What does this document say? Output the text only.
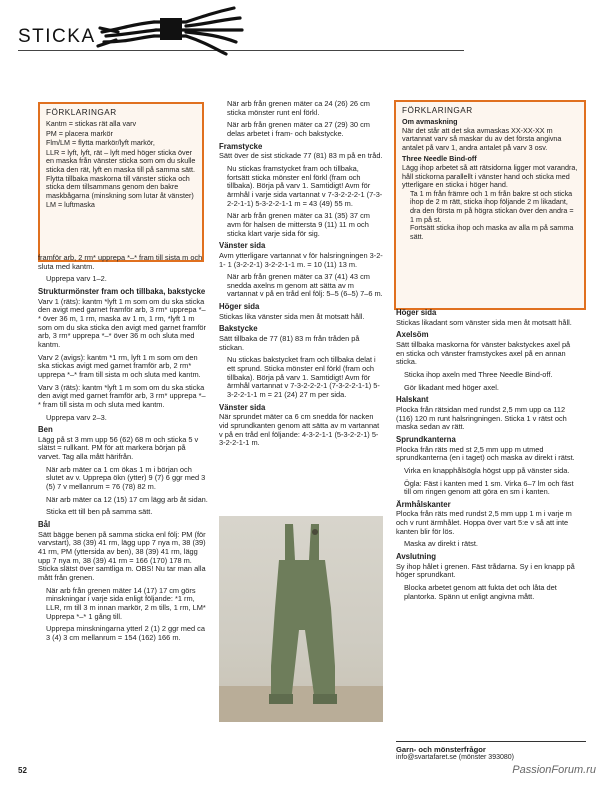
STICKA
FÖRKLARINGAR
Kantm = stickas rät alla varv
PM = placera markör
Flm/LM = flytta markör/lyft markör,
LLR = lyft, lyft, rät – lyft med höger sticka över en maska från vänster sticka som om du skulle sticka den rät, lyft en maska till på samma sätt. Flytta tillbaka maskorna till vänster sticka och sticka dem tillsammans genom den bakre maskbågarna (minskning som lutar åt vänster)
LM = luftmaska

framför arb, 2 rm* upprepa *–* fram till sista m och sluta med kantm.

Upprepa varv 1–2.

Strukturmönster fram och tillbaka, bakstycke

Varv 1 (räts): kantm *lyft 1 m som om du ska sticka den avigt med garnet framför arb, 3 rm* upprepa *–* över 36 m, 1 rm, maska av 1 m, 1 rm, *lyft 1 m som om du ska sticka den avigt med garnet framför arb, 3 rm* upprepa *–* över 36 m och sluta med kantm.

Varv 2 (avigs): kantm *1 rm, lyft 1 m som om den ska stickas avigt med garnet framför arb, 2 rm* upprepa *–* fram till sista m och sluta med kantm.

Varv 3 (räts): kantm *lyft 1 m som om du ska sticka den avigt med garnet framför arb, 3 rm* upprepa *–* fram till sista m och sluta med kantm.

Upprepa varv 2–3.

Ben

Lägg på st 3 mm upp 56 (62) 68 m och sticka 5 v slätst = rullkant. PM för att markera början på varvet. Tag alla mått härifrån.

När arb mäter ca 1 cm ökas 1 m i början och slutet av v. Upprepa ökn (ytter) 9 (7) 6 ggr med 3 (5) 7 v mellanrum = 76 (78) 82 m.

När arb mäter ca 12 (15) 17 cm lägg arb åt sidan.

Sticka ett till ben på samma sätt.

Bål

Sätt bägge benen på samma sticka enl följ: PM (för varvstart), 38 (39) 41 rm, lägg upp 7 nya m, 38 (39) 41 rm, PM (yttersida av ben), 38 (39) 41 rm, lägg upp 7 nya m, 38 (39) 41 rm = 166 (170) 178 m. Sticka slätst över samtliga m. OBS! Nu tar man alla mått från grenen.

När arb från grenen mäter 14 (17) 17 cm görs minskningar i varje sida enligt följande: *1 rm, LLR, rm till 3 m innan markör, 2 m tills, 1 rm, LM* Upprepa *–* 1 gång till.

Upprepa minskningarna ytterl 2 (1) 2 ggr med ca 3 (4) 3 cm mellanrum = 154 (162) 166 m.

När arb från grenen mäter ca 24 (26) 26 cm sticka mönster runt enl förkl.

När arb från grenen mäter ca 27 (29) 30 cm delas arbetet i fram- och bakstycke.

Framstycke

Sätt över de sist stickade 77 (81) 83 m på en tråd.

Nu stickas framstycket fram och tillbaka, fortsätt sticka mönster enl förkl (fram och tillbaka). Börja på varv 1. Samtidigt! Avm för ärmhål i varje sida vartannat v 7-3-2-2-2-1 (7-3-2-2-1-1) 5-3-2-2-1-1 m = 43 (49) 55 m.

När arb från grenen mäter ca 31 (35) 37 cm avm för halsen de mittersta 9 (11) 11 m och sticka klart varje sida för sig.

Vänster sida

Avm ytterligare vartannat v för halsringningen 3-2-1- 1 (3-2-2-1) 3-2-2-1-1 m. = 10 (11) 13 m.

När arb från grenen mäter ca 37 (41) 43 cm snedda axelns m genom att sätta av m vartannat v på en tråd enl följ: 5–5 (6–5) 7–6 m.

Höger sida

Stickas lika vänster sida men åt motsatt håll.

Bakstycke

Sätt tillbaka de 77 (81) 83 m från tråden på stickan.

Nu stickas bakstycket fram och tillbaka delat i ett sprund. Sticka mönster enl förkl (fram och tillbaka). Börja på varv 1. Samtidigt! Avm för ärmhål vartannat v 7-3-2-2-2-1 (7-3-2-2-1-1) 5-3-2-2-1-1 m = 21 (24) 27 m per sida.

Vänster sida

När sprundet mäter ca 6 cm snedda för nacken vid sprundkanten genom att sätta av m vartannat v på en tråd enl följande: 4-3-2-1-1 (5-3-2-2-1) 5-3-2-2-1-1 m.

FÖRKLARINGAR
Om avmaskning
När det står att det ska avmaskas XX-XX-XX m vartannat varv så maskar du av det första angivna antalet på varv 1, andra antalet på varv 3 osv.
Three Needle Bind-off
Lägg ihop arbetet så att rätsidorna ligger mot varandra, håll stickorna parallellt i vänster hand och sticka med ytterligare en sticka i höger hand.
Ta 1 m från främre och 1 m från bakre st och sticka ihop de 2 m rätt, sticka ihop följande 2 m likadant, dra den första m på högra stickan över den andra = 1 m på st.
Fortsätt sticka ihop och maska av alla m på samma sätt.

Höger sida

Stickas likadant som vänster sida men åt motsatt håll.

Axelsöm

Sätt tillbaka maskorna för vänster bakstyckes axel på en sticka och vänster framstyckes axel på en annan sticka.

Sticka ihop axeln med Three Needle Bind-off.

Gör likadant med höger axel.

Halskant

Plocka från rätsidan med rundst 2,5 mm upp ca 112 (116) 120 m runt halsringningen. Sticka 1 v rätst och maska sedan av rätt.

Sprundkanterna

Plocka från räts med st 2,5 mm upp m utmed sprundkanterna (en i taget) och maska av direkt i rätst.

Virka en knapphålsögla högst upp på vänster sida.

Ögla: Fäst i kanten med 1 sm. Virka 6–7 lm och fäst till om ringen genom att göra en sm i kanten.

Ärmhålskanter

Plocka från räts med rundst 2,5 mm upp 1 m i varje m och v runt ärmhålet. Hoppa över vart 5:e v så att inte kanten blir för lös.

Maska av direkt i rätst.

Avslutning

Sy ihop hålet i grenen. Fäst trådarna. Sy i en knapp på höger sprundkant.

Blocka arbetet genom att fukta det och låta det plantorka. Spänn ut enligt angivna mått.

Garn- och mönsterfrågor
info@svartafaret.se (mönster 393080)
52	PassionForum.ru
